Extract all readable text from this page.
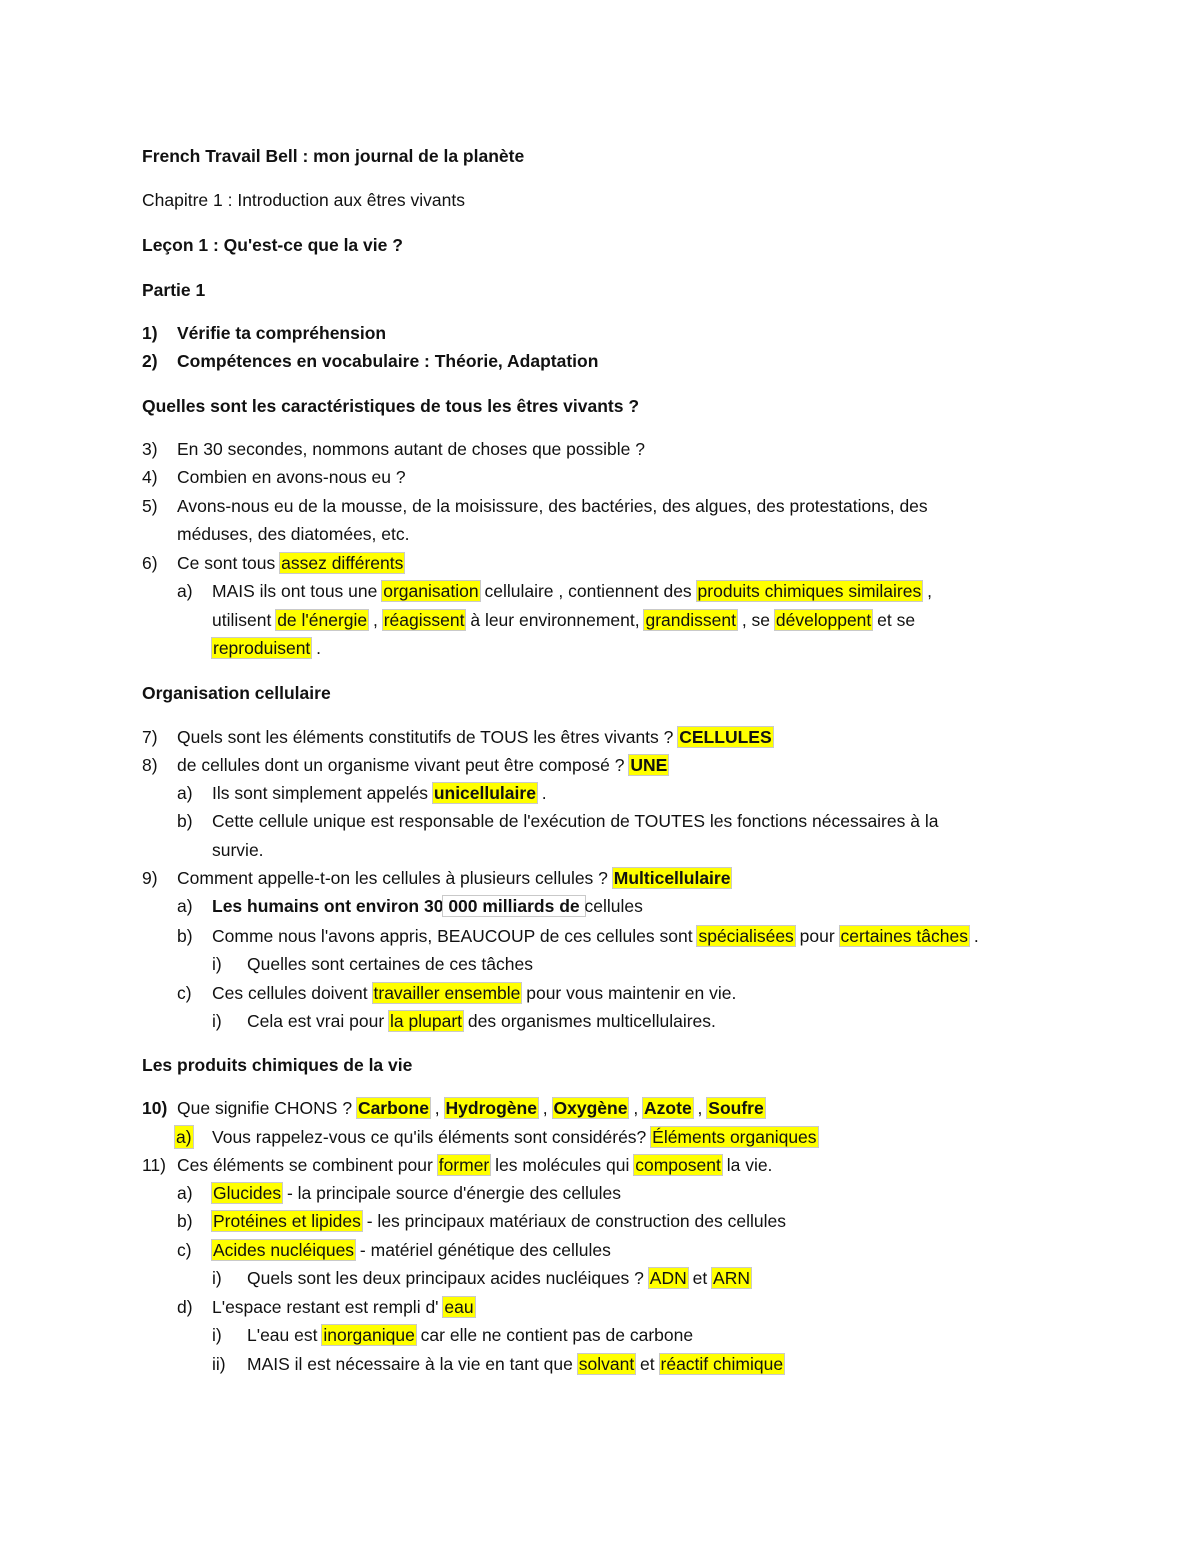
French Travail Bell : mon journal de la planète
Chapitre 1 : Introduction aux êtres vivants
Leçon 1 : Qu'est-ce que la vie ?
Partie 1
1) Vérifie ta compréhension
2) Compétences en vocabulaire : Théorie, Adaptation
Quelles sont les caractéristiques de tous les êtres vivants ?
3) En 30 secondes, nommons autant de choses que possible ?
4) Combien en avons-nous eu ?
5) Avons-nous eu de la mousse, de la moisissure, des bactéries, des algues, des protestations, des
méduses, des diatomées, etc.
6) Ce sont tous assez différents
a) MAIS ils ont tous une organisation cellulaire , contiennent des produits chimiques similaires ,
utilisent de l'énergie , réagissent à leur environnement, grandissent , se développent et se
reproduisent .
Organisation cellulaire
7) Quels sont les éléments constitutifs de TOUS les êtres vivants ? CELLULES
8) de cellules dont un organisme vivant peut être composé ? UNE
a) Ils sont simplement appelés unicellulaire .
b) Cette cellule unique est responsable de l'exécution de TOUTES les fonctions nécessaires à la
survie.
9) Comment appelle-t-on les cellules à plusieurs cellules ? Multicellulaire
a) Les humains ont environ 30 000 milliards de cellules
b) Comme nous l'avons appris, BEAUCOUP de ces cellules sont spécialisées pour certaines tâches .
i) Quelles sont certaines de ces tâches
c) Ces cellules doivent travailler ensemble pour vous maintenir en vie.
i) Cela est vrai pour la plupart des organismes multicellulaires.
Les produits chimiques de la vie
10) Que signifie CHONS ? Carbone , Hydrogène , Oxygène , Azote , Soufre
a) Vous rappelez-vous ce qu'ils éléments sont considérés? Éléments organiques
11) Ces éléments se combinent pour former les molécules qui composent la vie.
a) Glucides - la principale source d'énergie des cellules
b) Protéines et lipides - les principaux matériaux de construction des cellules
c) Acides nucléiques - matériel génétique des cellules
i) Quels sont les deux principaux acides nucléiques ? ADN et ARN
d) L'espace restant est rempli d' eau
i) L'eau est inorganique car elle ne contient pas de carbone
ii) MAIS il est nécessaire à la vie en tant que solvant et réactif chimique
